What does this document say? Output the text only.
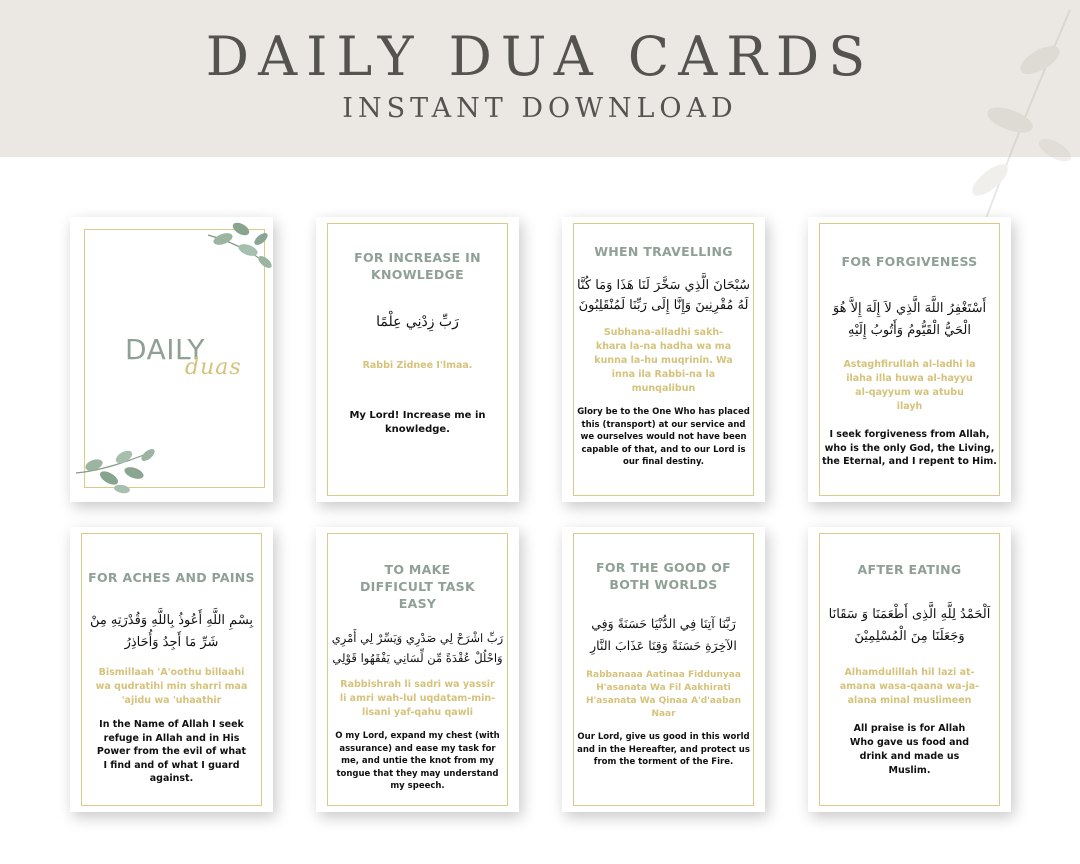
DAILY DUA CARDS
INSTANT DOWNLOAD
DAILY
duas
FOR INCREASE IN KNOWLEDGE
رَبِّ زِدْنِي عِلْمًا
Rabbi Zidnee I'lmaa.
My Lord! Increase me in knowledge.
WHEN TRAVELLING
سُبْحَانَ الَّذِي سَخَّرَ لَنَا هَذَا وَمَا كُنَّا لَهُ مُقْرِنِينَ وَإِنَّا إِلَى رَبِّنَا لَمُنْقَلِبُونَ
Subhana-alladhi sakh-khara la-na hadha wa ma kunna la-hu muqrinin. Wa inna ila Rabbi-na la munqalibun
Glory be to the One Who has placed this (transport) at our service and we ourselves would not have been capable of that, and to our Lord is our final destiny.
FOR FORGIVENESS
أَسْتَغْفِرُ اللَّهَ الَّذِي لاَ إِلَهَ إِلاَّ هُوَ الْحَيُّ الْقَيُّومُ وَأَتُوبُ إِلَيْهِ
Astaghfirullah al-ladhi la ilaha illa huwa al-hayyu al-qayyum wa atubu ilayh
I seek forgiveness from Allah, who is the only God, the Living, the Eternal, and I repent to Him.
FOR ACHES AND PAINS
بِسْمِ اللَّهِ أَعُوذُ بِاللَّهِ وَقُدْرَتِهِ مِنْ شَرِّ مَا أَجِدُ وَأُحَاذِرُ
Bismillaah 'A'oothu billaahi wa qudratihi min sharri maa 'ajidu wa 'uhaathir
In the Name of Allah I seek refuge in Allah and in His Power from the evil of what I find and of what I guard against.
TO MAKE DIFFICULT TASK EASY
رَبِّ اشْرَحْ لِي صَدْرِي وَيَسِّرْ لِي أَمْرِي وَاحْلُلْ عُقْدَةً مِّن لِّسَانِي يَفْقَهُوا قَوْلِي
Rabbishrah li sadri wa yassir li amri wah-lul uqdatam-min-lisani yaf-qahu qawli
O my Lord, expand my chest (with assurance) and ease my task for me, and untie the knot from my tongue that they may understand my speech.
FOR THE GOOD OF BOTH WORLDS
رَبَّنَا آتِنَا فِي الدُّنْيَا حَسَنَةً وَفِي الآخِرَةِ حَسَنَةً وَقِنَا عَذَابَ النَّارِ
Rabbanaaa Aatinaa Fiddunyaa H'asanata Wa Fil Aakhirati H'asanata Wa Qinaa A'd'aaban Naar
Our Lord, give us good in this world and in the Hereafter, and protect us from the torment of the Fire.
AFTER EATING
اَلْحَمْدُ لِلَّهِ الَّذِى أَطْعَمَنَا وَ سَقَانَا وَجَعَلَنَا مِنَ الْمُسْلِمِيْنَ
Alhamdulillah hil lazi at-amana wasa-qaana wa-ja-alana minal muslimeen
All praise is for Allah Who gave us food and drink and made us Muslim.
